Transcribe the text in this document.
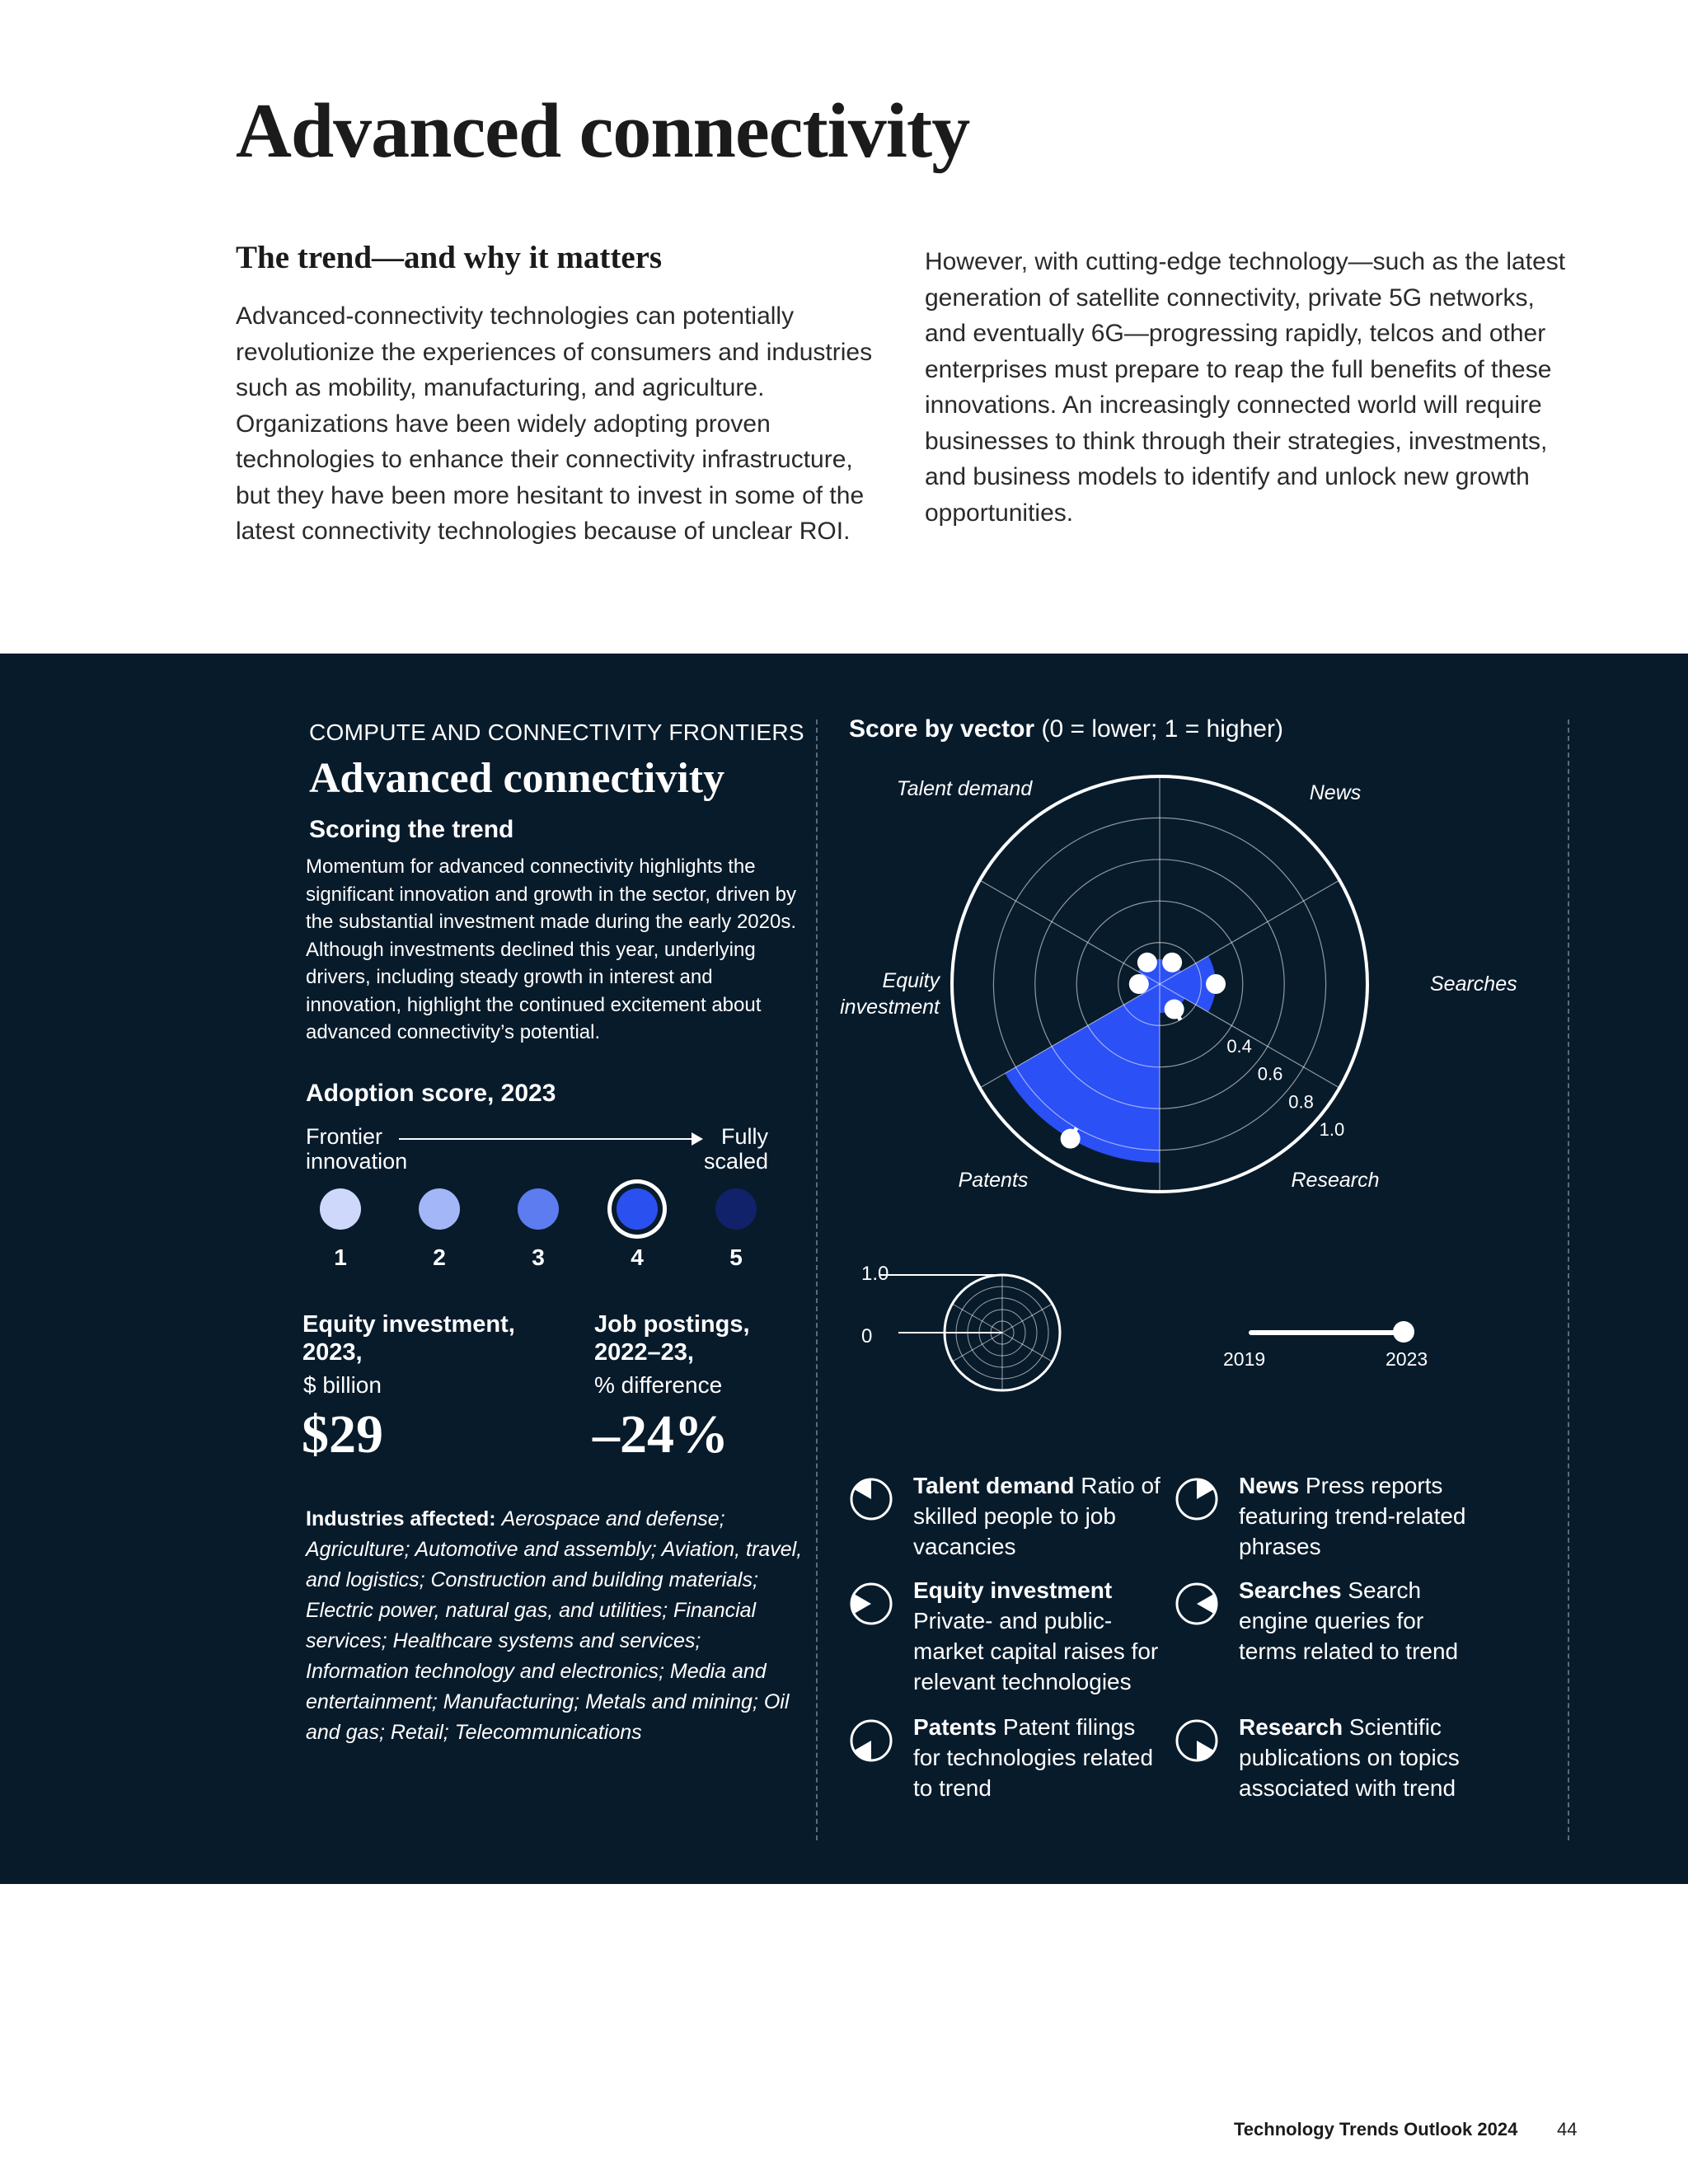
Advanced connectivity
The trend—and why it matters

Advanced-connectivity technologies can potentially revolutionize the experiences of consumers and industries such as mobility, manufacturing, and agriculture. Organizations have been widely adopting proven technologies to enhance their connectivity infrastructure, but they have been more hesitant to invest in some of the latest connectivity technologies because of unclear ROI.

However, with cutting-edge technology—such as the latest generation of satellite connectivity, private 5G networks, and eventually 6G—progressing rapidly, telcos and other enterprises must prepare to reap the full benefits of these innovations. An increasingly connected world will require businesses to think through their strategies, investments, and business models to identify and unlock new growth opportunities.

COMPUTE AND CONNECTIVITY FRONTIERS
Advanced connectivity
Scoring the trend

Momentum for advanced connectivity highlights the significant innovation and growth in the sector, driven by the substantial investment made during the early 2020s. Although investments declined this year, underlying drivers, including steady growth in interest and innovation, highlight the continued excitement about advanced connectivity’s potential.

Adoption score, 2023
Frontier innovation
Fully scaled
1	2	3	4	5
Equity investment, 2023,
$ billion
$29
Job postings, 2022–23,
% difference
–24%

Industries affected: Aerospace and defense; Agriculture; Automotive and assembly; Aviation, travel, and logistics; Construction and building materials; Electric power, natural gas, and utilities; Financial services; Healthcare systems and services; Information technology and electronics; Media and entertainment; Manufacturing; Metals and mining; Oil and gas; Retail; Telecommunications

Score by vector (0 = lower; 1 = higher)
Talent demand	News
Searches
Research
Patents
Equity investment
0.4
0.6
0.8
1.0
1.0
0
2019	2023
Talent demand Ratio of skilled people to job vacancies
News Press reports featuring trend-related phrases
Equity investment Private- and public-market capital raises for relevant technologies
Searches Search engine queries for terms related to trend
Patents Patent filings for technologies related to trend
Research Scientific publications on topics associated with trend
Technology Trends Outlook 2024 44
